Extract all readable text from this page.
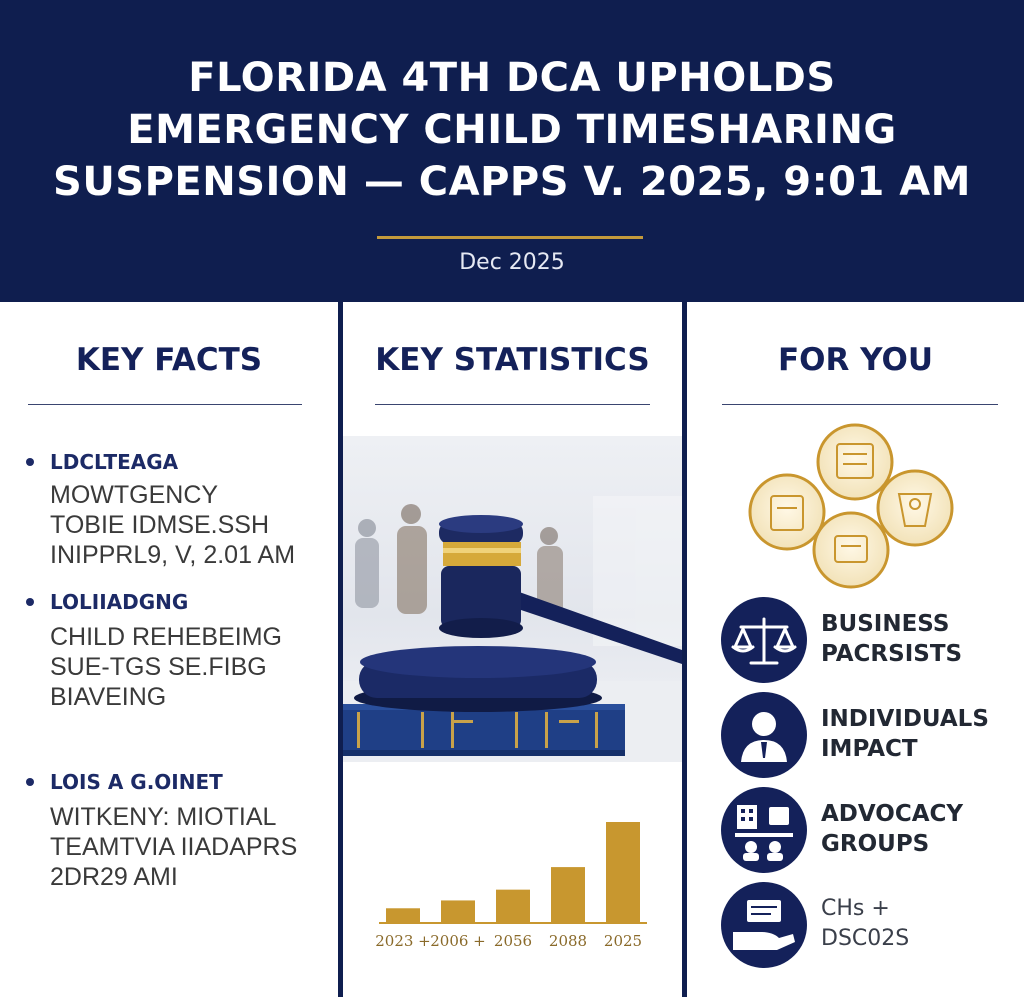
FLORIDA 4TH DCA UPHOLDS
EMERGENCY CHILD TIMESHARING
SUSPENSION — CAPPS V. 2025, 9:01 AM
Dec 2025
KEY FACTS
LDCLTEAGA
MOWTGENCY
TOBIE IDMSE.SSH
INIPPRL9, V, 2.01 AM
LOLIIADGNG
CHILD REHEBEIMG
SUE-TGS SE.FIBG
BIAVEING
LOIS A G.OINET
WITKENY: MIOTIAL
TEAMTVIA IIADAPRS
2DR29 AMI
KEY STATISTICS
2023 + 2006 + 2056 2088 2025
FOR YOU
BUSINESS
PACRSISTS
INDIVIDUALS
IMPACT
ADVOCACY
GROUPS
CHs +
DSC02S
